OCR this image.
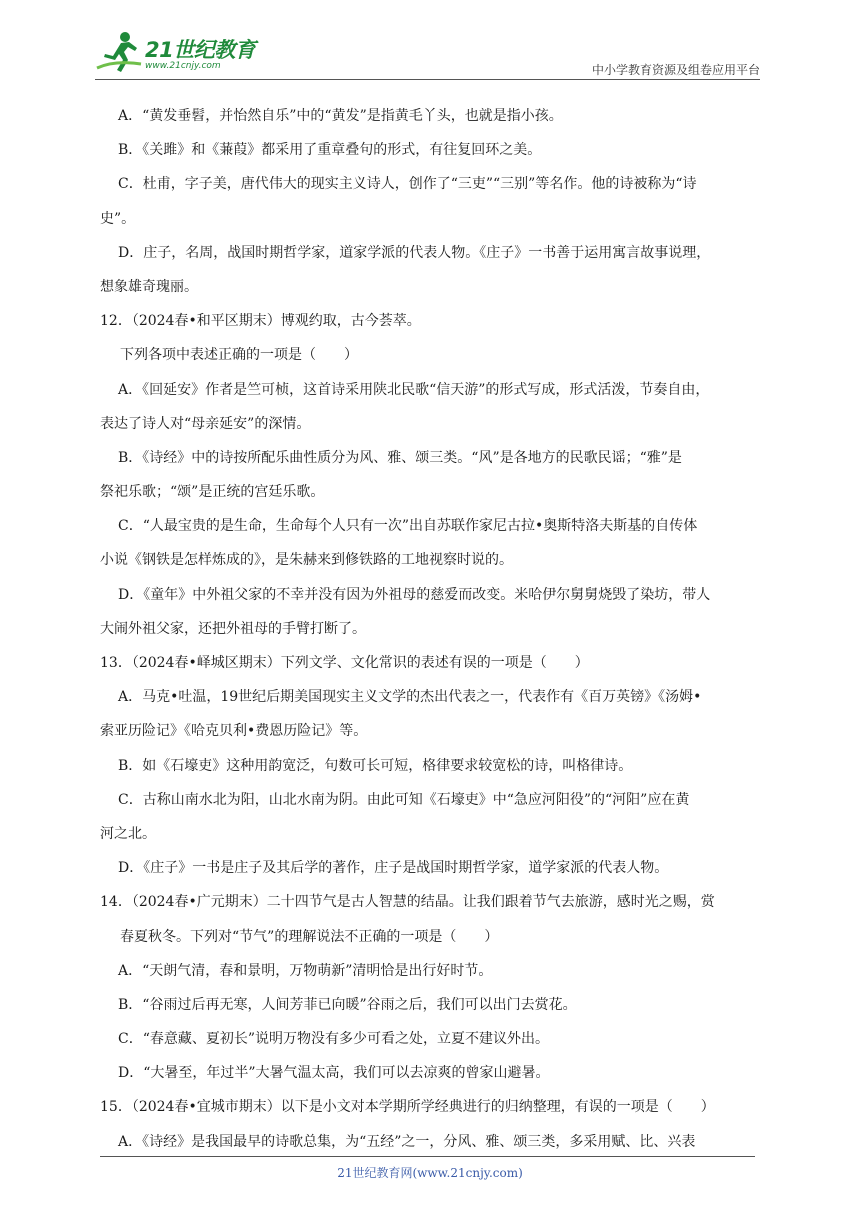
21世纪教育
www.21cnjy.com	中小学教育资源及组卷应用平台
A．“黄发垂髫，并怡然自乐”中的“黄发”是指黄毛丫头，也就是指小孩。
B．《关雎》和《蒹葭》都采用了重章叠句的形式，有往复回环之美。
C．杜甫，字子美，唐代伟大的现实主义诗人，创作了“三吏”“三别”等名作。他的诗被称为“诗
史”。
D．庄子，名周，战国时期哲学家，道家学派的代表人物。《庄子》一书善于运用寓言故事说理，
想象雄奇瑰丽。
12．（2024春•和平区期末）博观约取，古今荟萃。
下列各项中表述正确的一项是（　　）
A．《回延安》作者是竺可桢，这首诗采用陕北民歌“信天游”的形式写成，形式活泼，节奏自由，
表达了诗人对“母亲延安”的深情。
B．《诗经》中的诗按所配乐曲性质分为风、雅、颂三类。“风”是各地方的民歌民谣；“雅”是
祭祀乐歌；“颂”是正统的宫廷乐歌。
C．“人最宝贵的是生命，生命每个人只有一次”出自苏联作家尼古拉•奥斯特洛夫斯基的自传体
小说《钢铁是怎样炼成的》，是朱赫来到修铁路的工地视察时说的。
D．《童年》中外祖父家的不幸并没有因为外祖母的慈爱而改变。米哈伊尔舅舅烧毁了染坊，带人
大闹外祖父家，还把外祖母的手臂打断了。
13．（2024春•峄城区期末）下列文学、文化常识的表述有误的一项是（　　）
A．马克•吐温，19世纪后期美国现实主义文学的杰出代表之一，代表作有《百万英镑》《汤姆•
索亚历险记》《哈克贝利•费恩历险记》等。
B．如《石壕吏》这种用韵宽泛，句数可长可短，格律要求较宽松的诗，叫格律诗。
C．古称山南水北为阳，山北水南为阴。由此可知《石壕吏》中“急应河阳役”的“河阳”应在黄
河之北。
D．《庄子》一书是庄子及其后学的著作，庄子是战国时期哲学家，道学家派的代表人物。
14．（2024春•广元期末）二十四节气是古人智慧的结晶。让我们跟着节气去旅游，感时光之赐，赏
春夏秋冬。下列对“节气”的理解说法不正确的一项是（　　）
A．“天朗气清，春和景明，万物萌新”清明恰是出行好时节。
B．“谷雨过后再无寒，人间芳菲已向暖”谷雨之后，我们可以出门去赏花。
C．“春意藏、夏初长”说明万物没有多少可看之处，立夏不建议外出。
D．“大暑至，年过半”大暑气温太高，我们可以去凉爽的曾家山避暑。
15．（2024春•宜城市期末）以下是小文对本学期所学经典进行的归纳整理，有误的一项是（　　）
A．《诗经》是我国最早的诗歌总集，为“五经”之一，分风、雅、颂三类，多采用赋、比、兴表
21世纪教育网(www.21cnjy.com)
